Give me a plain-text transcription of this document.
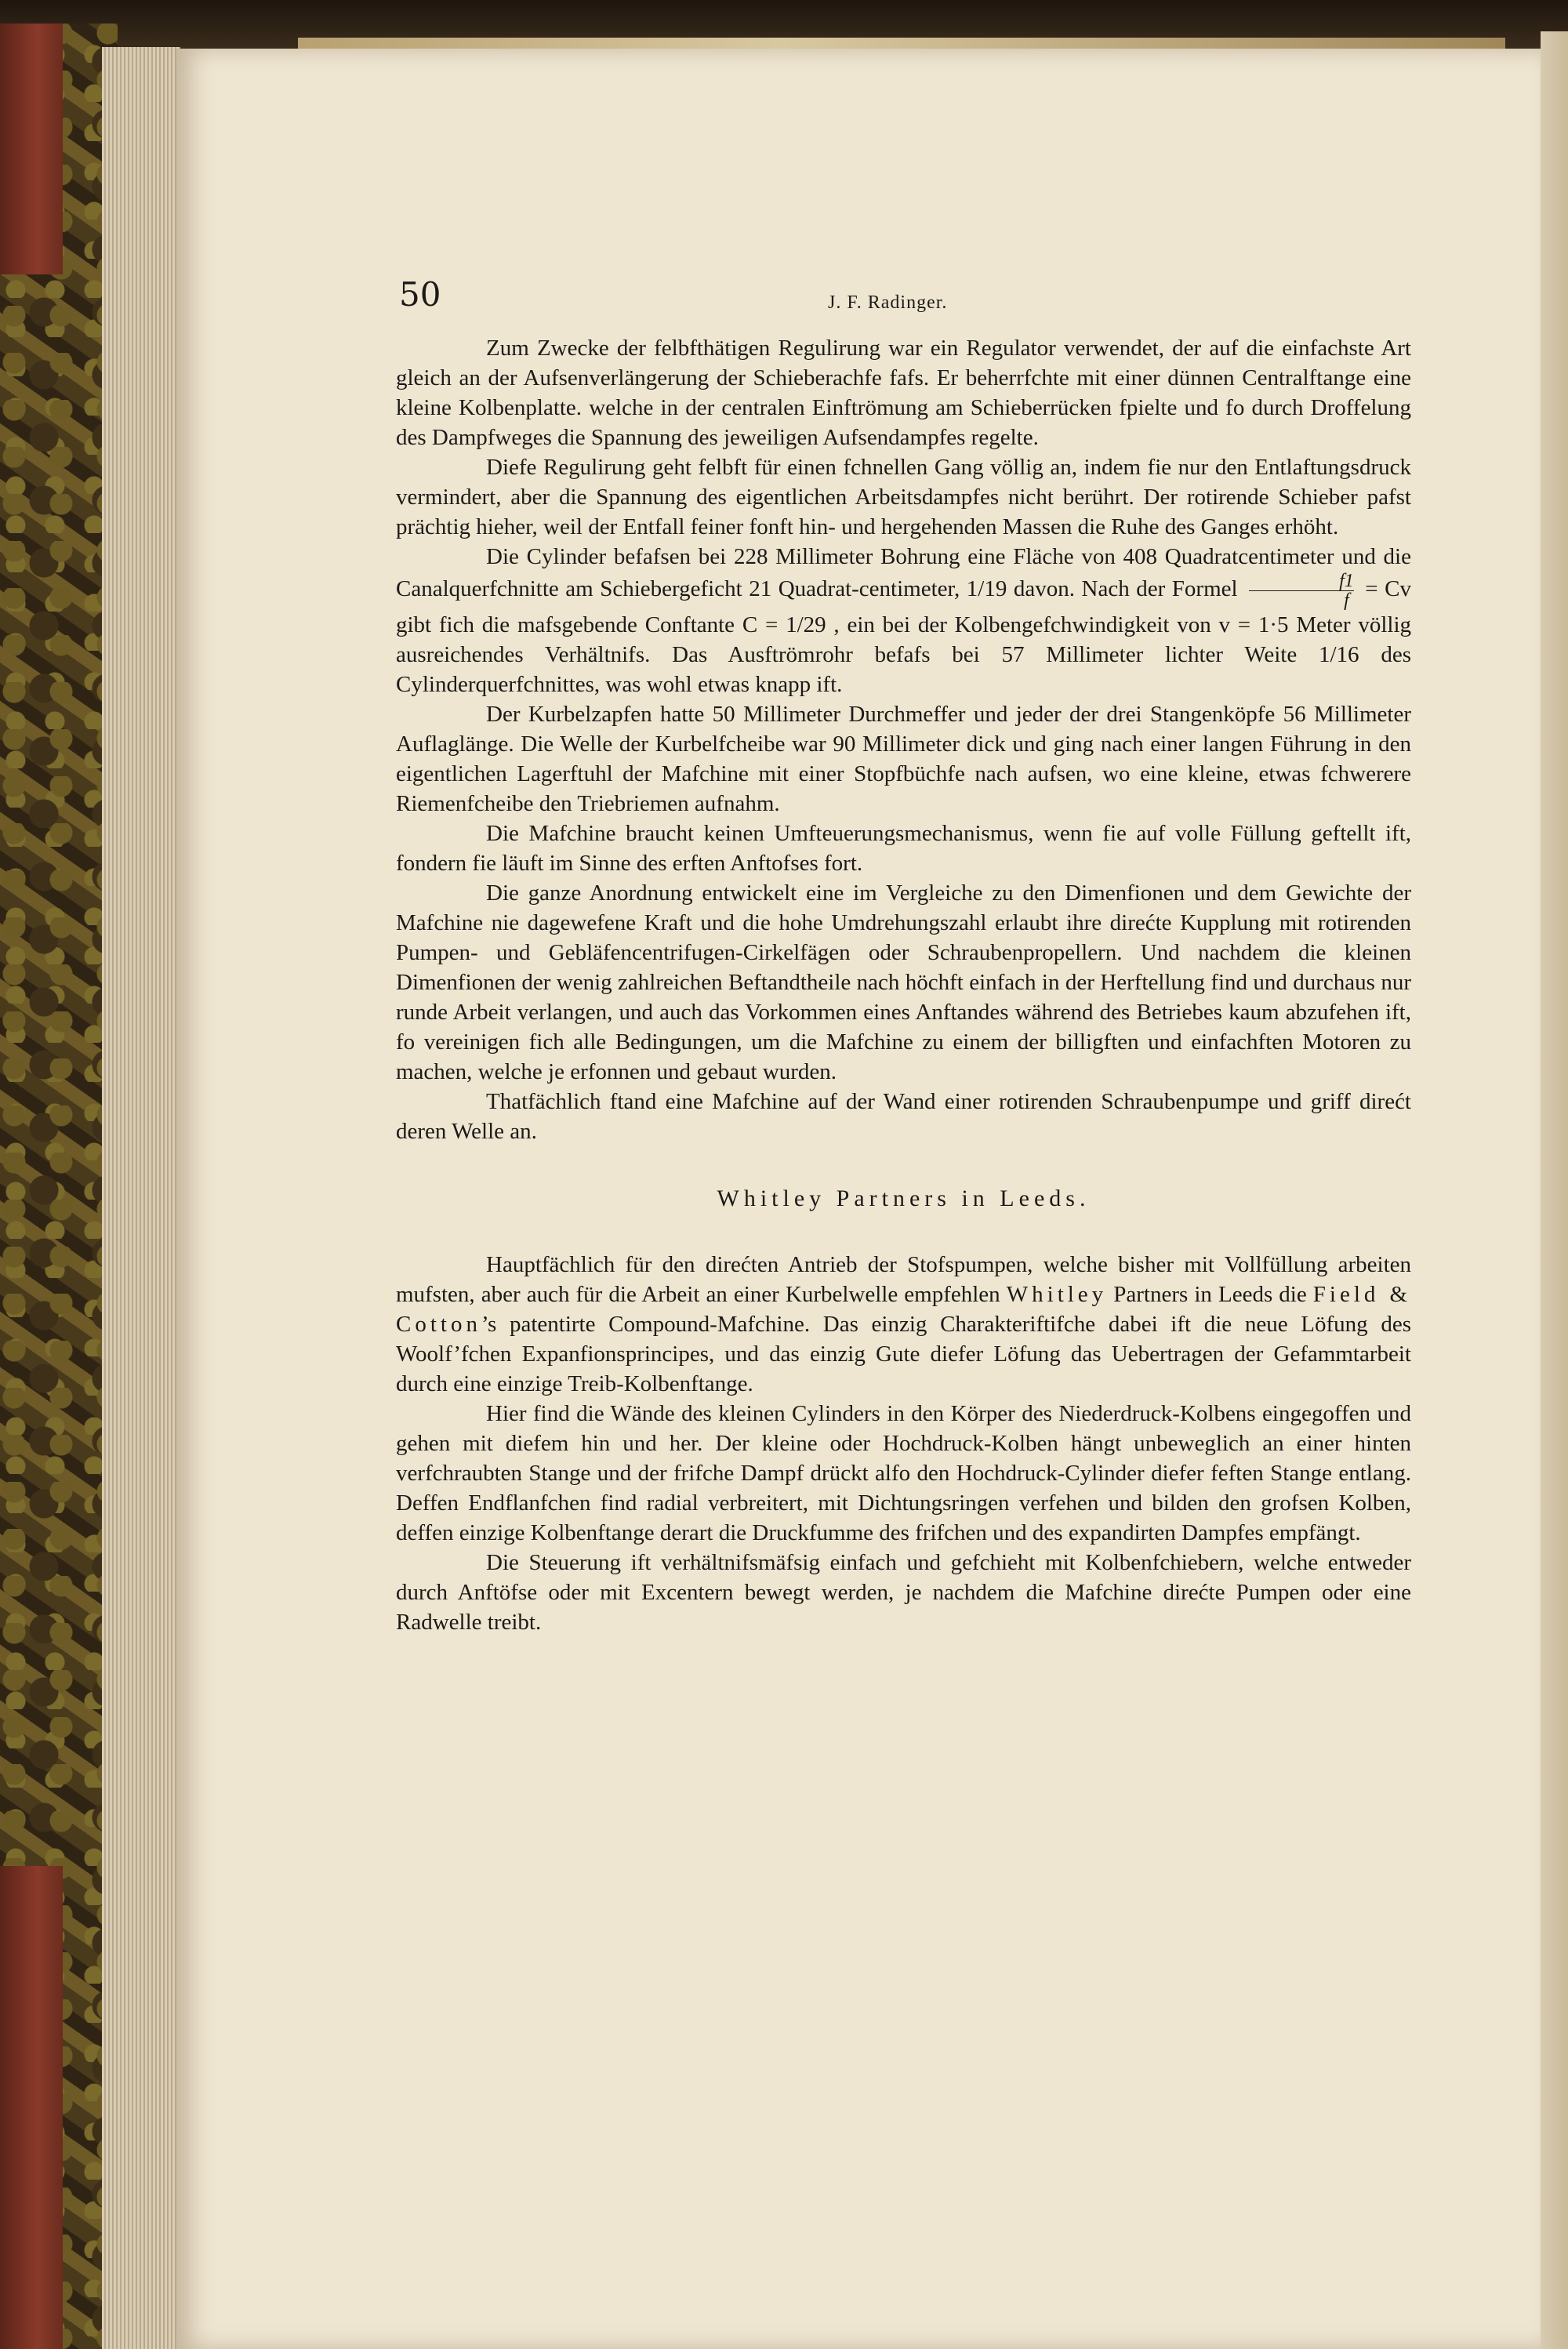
50	J. F. Radinger.

Zum Zwecke der felbfthätigen Regulirung war ein Regulator verwendet, der auf die einfachste Art gleich an der Aufsenverlängerung der Schieberachfe fafs. Er beherrfchte mit einer dünnen Centralftange eine kleine Kolbenplatte. welche in der centralen Einftrömung am Schieberrücken fpielte und fo durch Droffelung des Dampfweges die Spannung des jeweiligen Aufsendampfes regelte.

Diefe Regulirung geht felbft für einen fchnellen Gang völlig an, indem fie nur den Entlaftungsdruck vermindert, aber die Spannung des eigentlichen Arbeitsdampfes nicht berührt. Der rotirende Schieber pafst prächtig hieher, weil der Entfall feiner fonft hin- und hergehenden Massen die Ruhe des Ganges erhöht.

Die Cylinder befafsen bei 228 Millimeter Bohrung eine Fläche von 408 Quadratcentimeter und die Canalquerfchnitte am Schiebergeficht 21 Quadrat-centimeter, 1/19 davon. Nach der Formel $\frac{f1}{f} = Cv$ gibt fich die mafsgebende Conftante C = 1/29 , ein bei der Kolbengefchwindigkeit von v = 1·5 Meter völlig ausreichendes Verhältnifs. Das Ausftrömrohr befafs bei 57 Millimeter lichter Weite 1/16 des Cylinderquerfchnittes, was wohl etwas knapp ift.

Der Kurbelzapfen hatte 50 Millimeter Durchmeffer und jeder der drei Stangenköpfe 56 Millimeter Auflaglänge. Die Welle der Kurbelfcheibe war 90 Millimeter dick und ging nach einer langen Führung in den eigentlichen Lagerftuhl der Mafchine mit einer Stopfbüchfe nach aufsen, wo eine kleine, etwas fchwerere Riemenfcheibe den Triebriemen aufnahm.

Die Mafchine braucht keinen Umfteuerungsmechanismus, wenn fie auf volle Füllung geftellt ift, fondern fie läuft im Sinne des erften Anftofses fort.

Die ganze Anordnung entwickelt eine im Vergleiche zu den Dimenfionen und dem Gewichte der Mafchine nie dagewefene Kraft und die hohe Umdrehungszahl erlaubt ihre direćte Kupplung mit rotirenden Pumpen- und Gebläfencentrifugen-Cirkelfägen oder Schraubenpropellern. Und nachdem die kleinen Dimenfionen der wenig zahlreichen Beftandtheile nach höchft einfach in der Herftellung find und durchaus nur runde Arbeit verlangen, und auch das Vorkommen eines Anftandes während des Betriebes kaum abzufehen ift, fo vereinigen fich alle Bedingungen, um die Mafchine zu einem der billigften und einfachften Motoren zu machen, welche je erfonnen und gebaut wurden.

Thatfächlich ftand eine Mafchine auf der Wand einer rotirenden Schraubenpumpe und griff direćt deren Welle an.

Whitley Partners in Leeds.

Hauptfächlich für den direćten Antrieb der Stofspumpen, welche bisher mit Vollfüllung arbeiten mufsten, aber auch für die Arbeit an einer Kurbelwelle empfehlen Whitley Partners in Leeds die Field & Cotton’s patentirte Compound-Mafchine. Das einzig Charakteriftifche dabei ift die neue Löfung des Woolf’fchen Expanfionsprincipes, und das einzig Gute diefer Löfung das Uebertragen der Gefammtarbeit durch eine einzige Treib-Kolbenftange.

Hier find die Wände des kleinen Cylinders in den Körper des Niederdruck-Kolbens eingegoffen und gehen mit diefem hin und her. Der kleine oder Hochdruck-Kolben hängt unbeweglich an einer hinten verfchraubten Stange und der frifche Dampf drückt alfo den Hochdruck-Cylinder diefer feften Stange entlang. Deffen Endflanfchen find radial verbreitert, mit Dichtungsringen verfehen und bilden den grofsen Kolben, deffen einzige Kolbenftange derart die Druckfumme des frifchen und des expandirten Dampfes empfängt.

Die Steuerung ift verhältnifsmäfsig einfach und gefchieht mit Kolbenfchiebern, welche entweder durch Anftöfse oder mit Excentern bewegt werden, je nachdem die Mafchine direćte Pumpen oder eine Radwelle treibt.
